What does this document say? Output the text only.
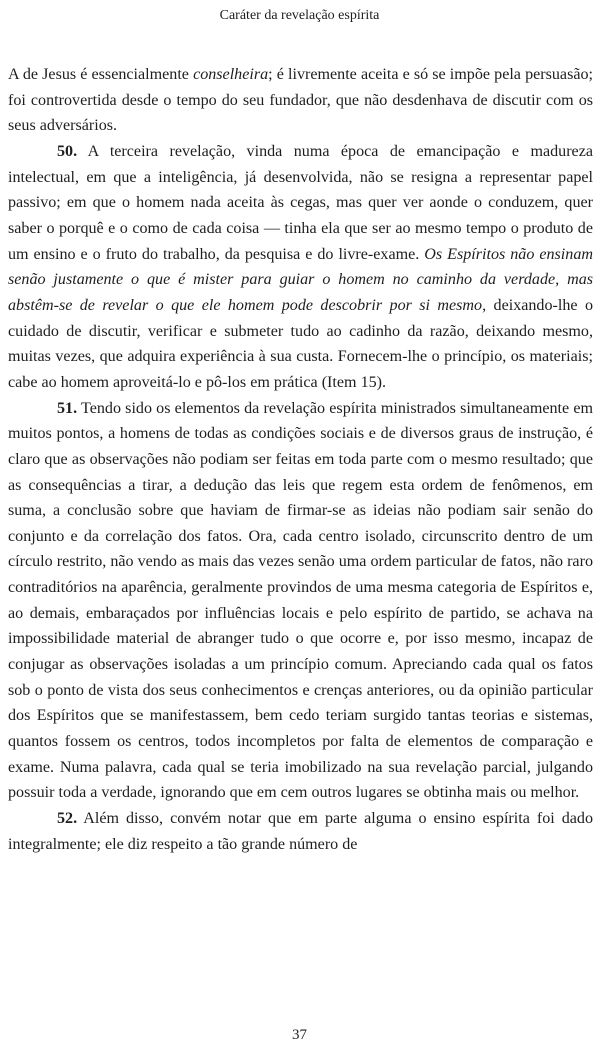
Caráter da revelação espírita

A de Jesus é essencialmente conselheira; é livremente aceita e só se impõe pela persuasão; foi controvertida desde o tempo do seu fundador, que não desdenhava de discutir com os seus adversários.

50. A terceira revelação, vinda numa época de emancipação e madureza intelectual, em que a inteligência, já desenvolvida, não se resigna a representar papel passivo; em que o homem nada aceita às cegas, mas quer ver aonde o conduzem, quer saber o porquê e o como de cada coisa — tinha ela que ser ao mesmo tempo o produto de um ensino e o fruto do trabalho, da pesquisa e do livre-exame. Os Espíritos não ensinam senão justamente o que é mister para guiar o homem no caminho da verdade, mas abstêm-se de revelar o que ele homem pode descobrir por si mesmo, deixando-lhe o cuidado de discutir, verificar e submeter tudo ao cadinho da razão, deixando mesmo, muitas vezes, que adquira experiência à sua custa. Fornecem-lhe o princípio, os materiais; cabe ao homem aproveitá-lo e pô-los em prática (Item 15).

51. Tendo sido os elementos da revelação espírita ministrados simultaneamente em muitos pontos, a homens de todas as condições sociais e de diversos graus de instrução, é claro que as observações não podiam ser feitas em toda parte com o mesmo resultado; que as consequências a tirar, a dedução das leis que regem esta ordem de fenômenos, em suma, a conclusão sobre que haviam de firmar-se as ideias não podiam sair senão do conjunto e da correlação dos fatos. Ora, cada centro isolado, circunscrito dentro de um círculo restrito, não vendo as mais das vezes senão uma ordem particular de fatos, não raro contraditórios na aparência, geralmente provindos de uma mesma categoria de Espíritos e, ao demais, embaraçados por influências locais e pelo espírito de partido, se achava na impossibilidade material de abranger tudo o que ocorre e, por isso mesmo, incapaz de conjugar as observações isoladas a um princípio comum. Apreciando cada qual os fatos sob o ponto de vista dos seus conhecimentos e crenças anteriores, ou da opinião particular dos Espíritos que se manifestassem, bem cedo teriam surgido tantas teorias e sistemas, quantos fossem os centros, todos incompletos por falta de elementos de comparação e exame. Numa palavra, cada qual se teria imobilizado na sua revelação parcial, julgando possuir toda a verdade, ignorando que em cem outros lugares se obtinha mais ou melhor.

52. Além disso, convém notar que em parte alguma o ensino espírita foi dado integralmente; ele diz respeito a tão grande número de

37
